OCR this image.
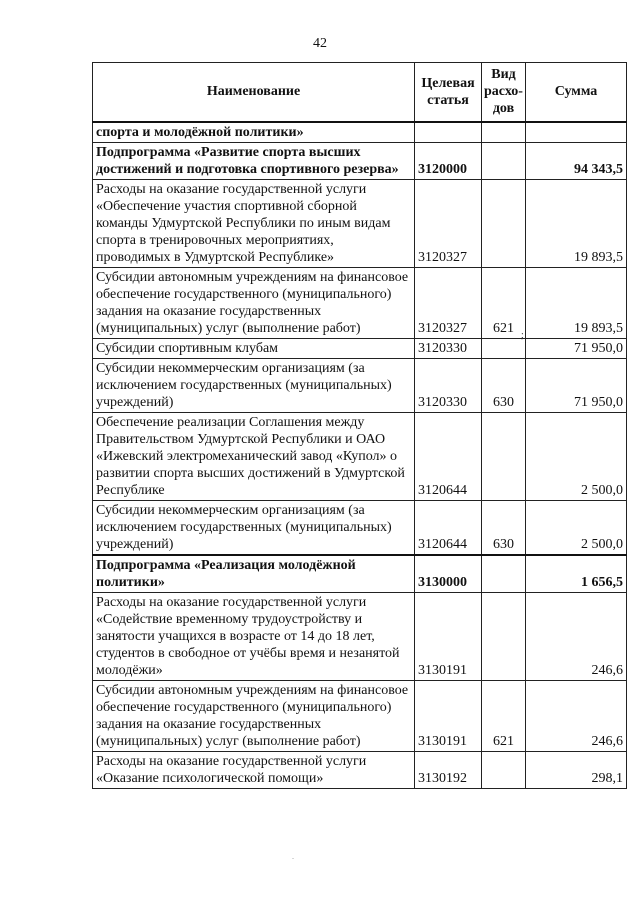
42
Наименование	Целевая статья	Вид расхо-дов	Сумма
спорта и молодёжной политики»			
Подпрограмма «Развитие спорта высших достижений и подготовка спортивного резерва»	3120000		94 343,5
Расходы на оказание государственной услуги «Обеспечение участия спортивной сборной команды Удмуртской Республики по иным видам спорта в тренировочных мероприятиях, проводимых в Удмуртской Республике»	3120327		19 893,5
Субсидии автономным учреждениям на финансовое обеспечение государственного (муниципального) задания на оказание государственных (муниципальных) услуг (выполнение работ)	3120327	621	19 893,5
Субсидии спортивным клубам	3120330		71 950,0
Субсидии некоммерческим организациям (за исключением государственных (муниципальных) учреждений)	3120330	630	71 950,0
Обеспечение реализации Соглашения между Правительством Удмуртской Республики и ОАО «Ижевский электромеханический завод «Купол» о развитии спорта высших достижений в Удмуртской Республике	3120644		2 500,0
Субсидии некоммерческим организациям (за исключением государственных (муниципальных) учреждений)	3120644	630	2 500,0
Подпрограмма «Реализация молодёжной политики»	3130000		1 656,5
Расходы на оказание государственной услуги «Содействие временному трудоустройству и занятости учащихся в возрасте от 14 до 18 лет, студентов в свободное от учёбы время и незанятой молодёжи»	3130191		246,6
Субсидии автономным учреждениям на финансовое обеспечение государственного (муниципального) задания на оказание государственных (муниципальных) услуг (выполнение работ)	3130191	621	246,6
Расходы на оказание государственной услуги «Оказание психологической помощи»	3130192		298,1
;
.
